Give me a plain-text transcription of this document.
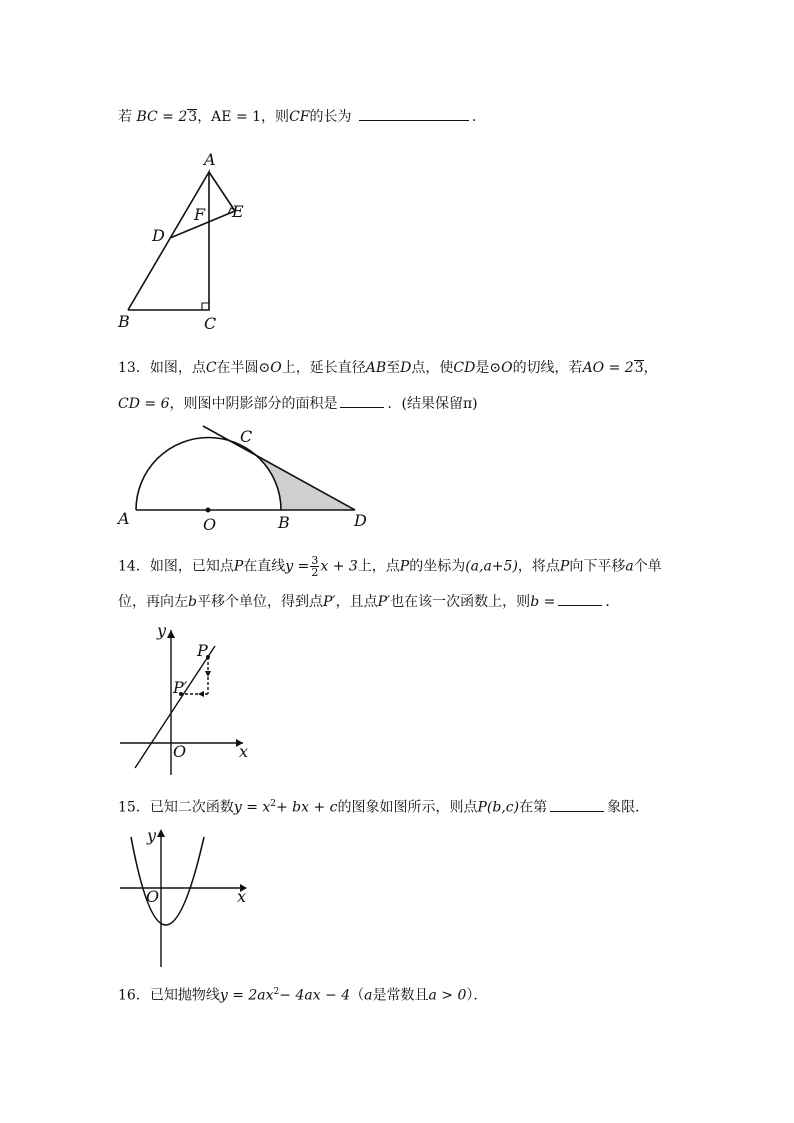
若 BC = 23，AE = 1，则CF的长为	．
A
B	C
D
E
F
13．如图，点C在半圆⊙O上，延长直径AB至D点，使CD是⊙O的切线，若AO = 23，
CD = 6，则图中阴影部分的面积是	．(结果保留π)
A	O	B
C
D
14．如图，已知点P在直线$y = \frac{3}{2}$ x + 3上，点P的坐标为(a,a+5)，将点P向下平移a个单
位，再向左b平移个单位，得到点P′，且点P′也在该一次函数上，则b =	．
y
x
O
P
P′
15．已知二次函数$y = x^2+$ bx + c的图象如图所示，则点P(b,c)在第	象限．
y
x
O
16．已知抛物线$y = 2ax^2- 4ax - 4(a$是常数且a > 0）．
